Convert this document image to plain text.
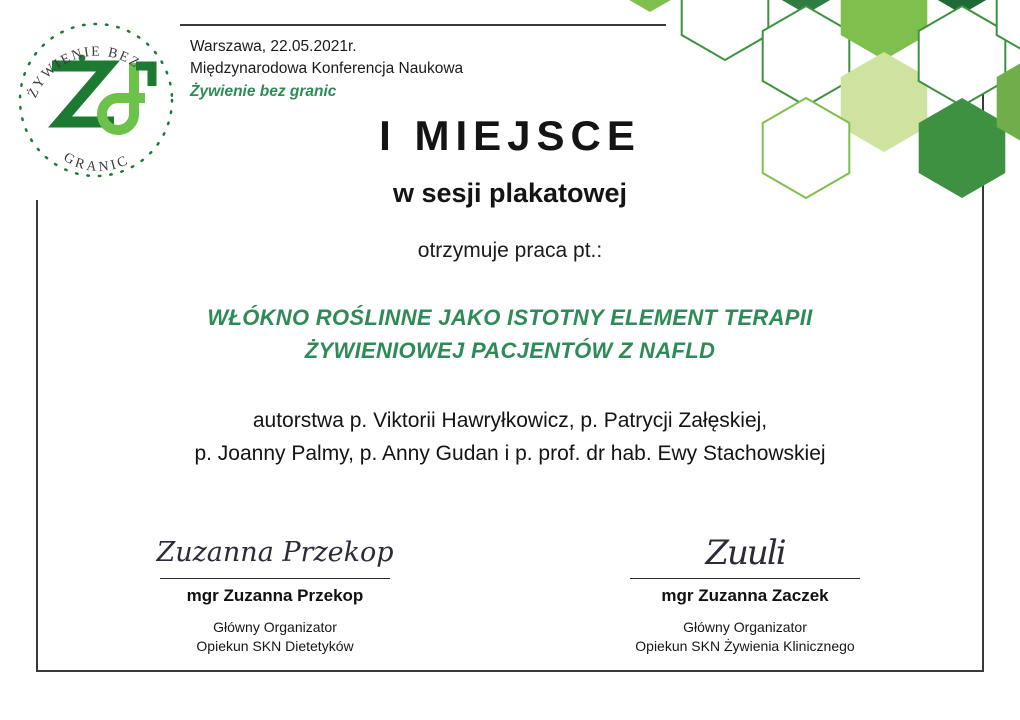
ŻYWIENIE BEZ
GRANIC
Warszawa, 22.05.2021r.
Międzynarodowa Konferencja Naukowa
Żywienie bez granic
I MIEJSCE
w sesji plakatowej
otrzymuje praca pt.:
WŁÓKNO ROŚLINNE JAKO ISTOTNY ELEMENT TERAPII
ŻYWIENIOWEJ PACJENTÓW Z NAFLD
autorstwa p. Viktorii Hawryłkowicz, p. Patrycji Załęskiej,
p. Joanny Palmy, p. Anny Gudan i p. prof. dr hab. Ewy Stachowskiej
Zuzanna Przekop
mgr Zuzanna Przekop
Główny Organizator
Opiekun SKN Dietetyków
Zuuli
mgr Zuzanna Zaczek
Główny Organizator
Opiekun SKN Żywienia Klinicznego
